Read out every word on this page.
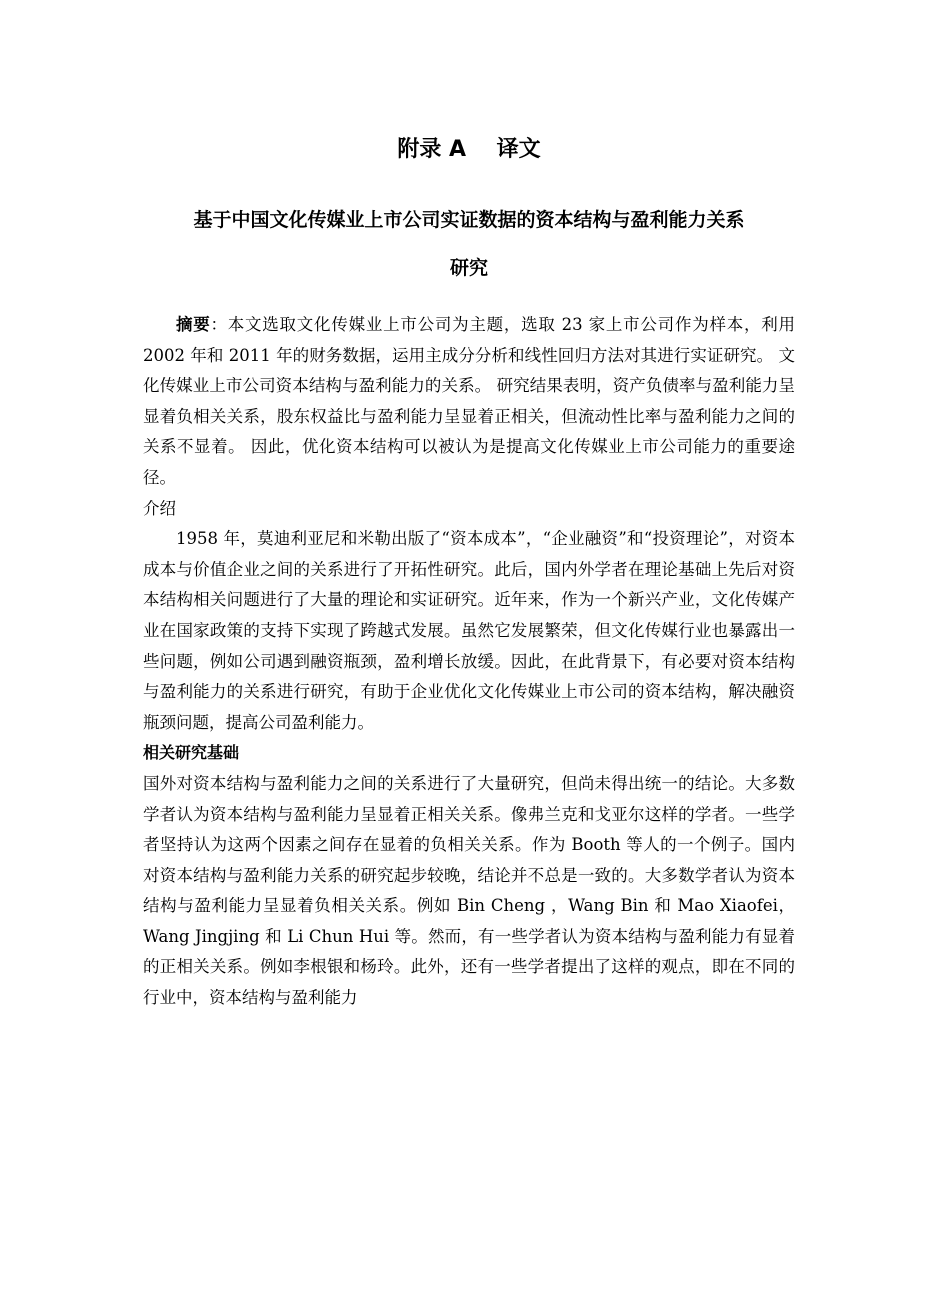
附录 A    译文
基于中国文化传媒业上市公司实证数据的资本结构与盈利能力关系
研究

摘要：本文选取文化传媒业上市公司为主题，选取 23 家上市公司作为样本，利用 2002 年和 2011 年的财务数据，运用主成分分析和线性回归方法对其进行实证研究。 文化传媒业上市公司资本结构与盈利能力的关系。 研究结果表明，资产负债率与盈利能力呈显着负相关关系，股东权益比与盈利能力呈显着正相关，但流动性比率与盈利能力之间的关系不显着。 因此，优化资本结构可以被认为是提高文化传媒业上市公司能力的重要途径。

介绍

1958 年，莫迪利亚尼和米勒出版了“资本成本”，“企业融资”和“投资理论”，对资本成本与价值企业之间的关系进行了开拓性研究。此后，国内外学者在理论基础上先后对资本结构相关问题进行了大量的理论和实证研究。近年来，作为一个新兴产业，文化传媒产业在国家政策的支持下实现了跨越式发展。虽然它发展繁荣，但文化传媒行业也暴露出一些问题，例如公司遇到融资瓶颈，盈利增长放缓。因此，在此背景下，有必要对资本结构与盈利能力的关系进行研究，有助于企业优化文化传媒业上市公司的资本结构，解决融资瓶颈问题，提高公司盈利能力。

相关研究基础

国外对资本结构与盈利能力之间的关系进行了大量研究，但尚未得出统一的结论。大多数学者认为资本结构与盈利能力呈显着正相关关系。像弗兰克和戈亚尔这样的学者。一些学者坚持认为这两个因素之间存在显着的负相关关系。作为 Booth 等人的一个例子。国内对资本结构与盈利能力关系的研究起步较晚，结论并不总是一致的。大多数学者认为资本结构与盈利能力呈显着负相关关系。例如 Bin Cheng ，Wang Bin 和 Mao Xiaofei，Wang Jingjing 和 Li Chun Hui 等。然而，有一些学者认为资本结构与盈利能力有显着的正相关关系。例如李根银和杨玲。此外，还有一些学者提出了这样的观点，即在不同的行业中，资本结构与盈利能力
